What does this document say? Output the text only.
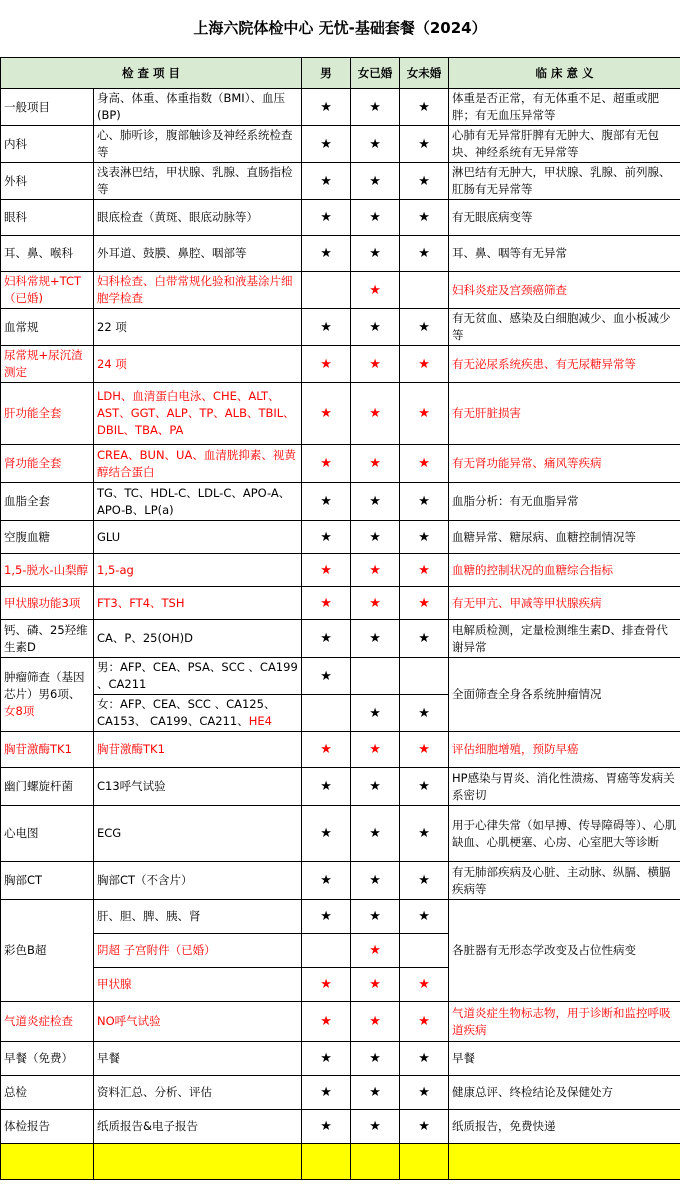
上海六院体检中心 无忧-基础套餐（2024）
检 查 项 目		男	女已婚	女未婚	临 床 意 义
一般项目	身高、体重、体重指数（BMI）、血压(BP)	★	★	★	体重是否正常，有无体重不足、超重或肥胖；有无血压异常等
内科	心、肺听诊，腹部触诊及神经系统检查等	★	★	★	心肺有无异常肝脾有无肿大、腹部有无包块、神经系统有无异常等
外科	浅表淋巴结，甲状腺、乳腺、直肠指检等	★	★	★	淋巴结有无肿大，甲状腺、乳腺、前列腺、肛肠有无异常等
眼科	眼底检查（黄斑、眼底动脉等）	★	★	★	有无眼底病变等
耳、鼻、喉科	外耳道、鼓膜、鼻腔、咽部等	★	★	★	耳、鼻、咽等有无异常
妇科常规+TCT（已婚)	妇科检查、白带常规化验和液基涂片细胞学检查		★		妇科炎症及宫颈癌筛查
血常规	22 项	★	★	★	有无贫血、感染及白细胞减少、血小板减少等
尿常规+尿沉渣测定	24 项	★	★	★	有无泌尿系统疾患、有无尿糖异常等
肝功能全套	LDH、血清蛋白电泳、CHE、ALT、AST、GGT、ALP、TP、ALB、TBIL、DBIL、TBA、PA	★	★	★	有无肝脏损害
肾功能全套	CREA、BUN、UA、血清胱抑素、视黄醇结合蛋白	★	★	★	有无肾功能异常、痛风等疾病
血脂全套	TG、TC、HDL-C、LDL-C、APO-A、APO-B、LP(a)	★	★	★	血脂分析：有无血脂异常
空腹血糖	GLU	★	★	★	血糖异常、糖尿病、血糖控制情况等
1,5-脱水-山梨醇	1,5-ag	★	★	★	血糖的控制状况的血糖综合指标
甲状腺功能3项	FT3、FT4、TSH	★	★	★	有无甲亢、甲减等甲状腺疾病
钙、磷、25羟维生素D	CA、P、25(OH)D	★	★	★	电解质检测，定量检测维生素D、排查骨代谢异常
肿瘤筛查（基因芯片）男6项、女8项	男：AFP、CEA、PSA、SCC 、CA199 、CA211	★			全面筛查全身各系统肿瘤情况
	女：AFP、CEA、SCC 、CA125、CA153、 CA199、CA211、HE4		★	★	
胸苷激酶TK1	胸苷激酶TK1	★	★	★	评估细胞增殖，预防早癌
幽门螺旋杆菌	C13呼气试验	★	★	★	HP感染与胃炎、消化性溃疡、胃癌等发病关系密切
心电图	ECG	★	★	★	用于心律失常（如早搏、传导障碍等）、心肌缺血、心肌梗塞、心房、心室肥大等诊断
胸部CT	胸部CT（不含片）	★	★	★	有无肺部疾病及心脏、主动脉、纵膈、横膈疾病等
彩色B超	肝、胆、脾、胰、肾	★	★	★	各脏器有无形态学改变及占位性病变
	阴超 子宫附件（已婚）		★		
	甲状腺	★	★	★	
气道炎症检查	NO呼气试验	★	★	★	气道炎症生物标志物，用于诊断和监控呼吸道疾病
早餐（免费）	早餐	★	★	★	早餐
总检	资料汇总、分析、评估	★	★	★	健康总评、终检结论及保健处方
体检报告	纸质报告&电子报告	★	★	★	纸质报告，免费快递
